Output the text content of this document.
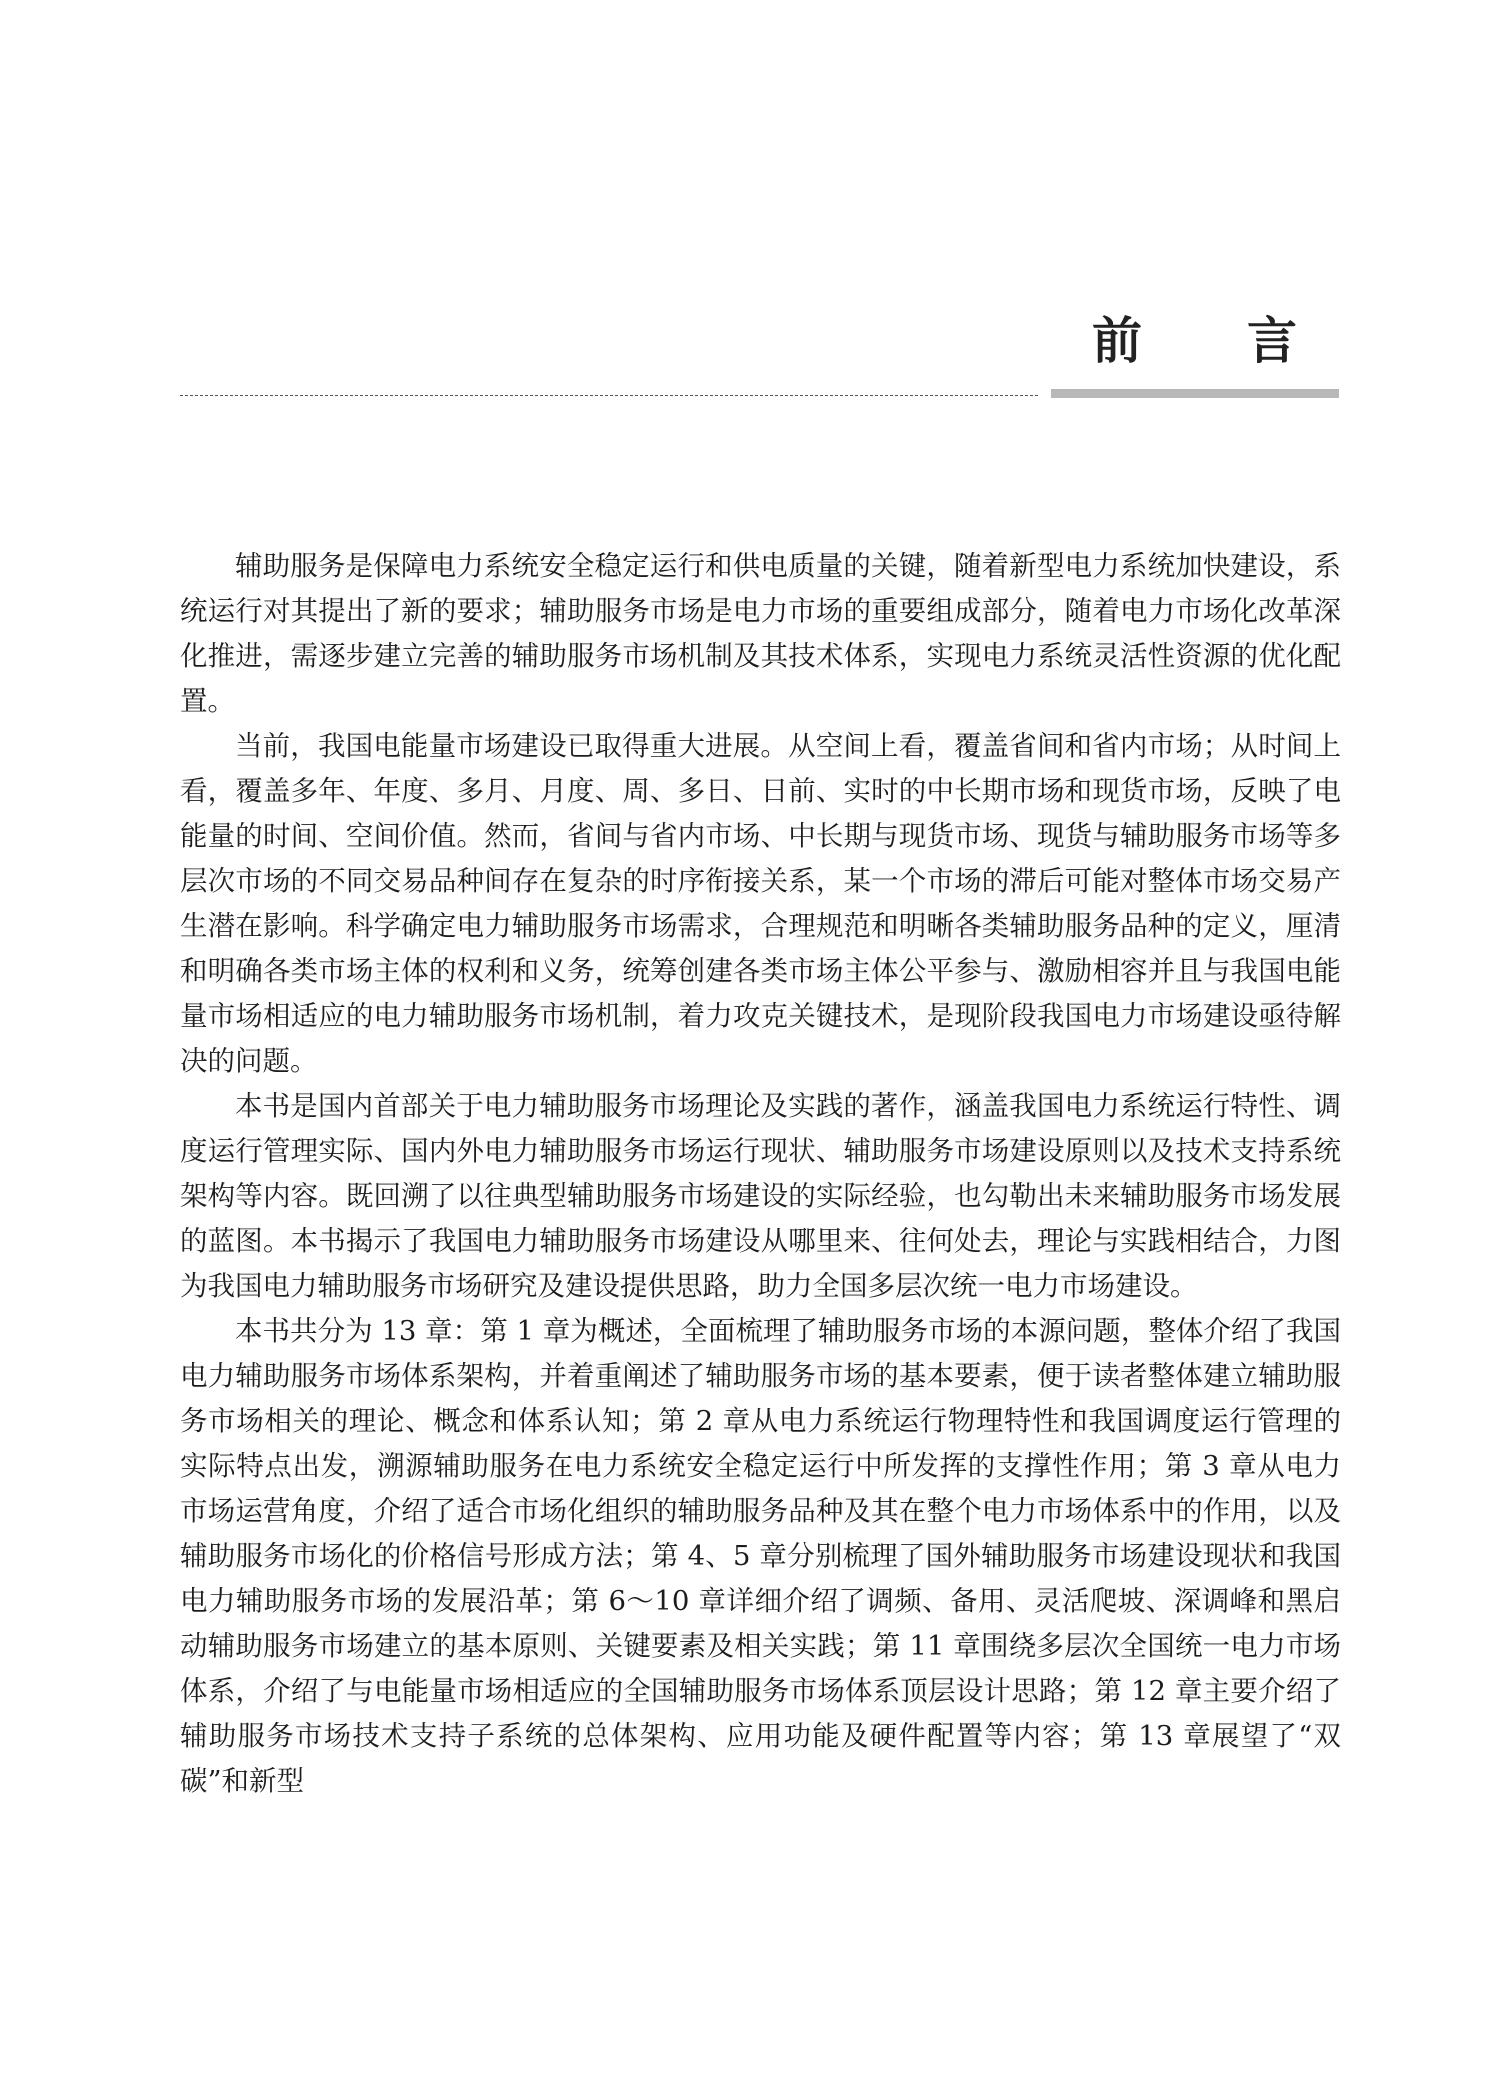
前言

辅助服务是保障电力系统安全稳定运行和供电质量的关键，随着新型电力系统加快建设，系统运行对其提出了新的要求；辅助服务市场是电力市场的重要组成部分，随着电力市场化改革深化推进，需逐步建立完善的辅助服务市场机制及其技术体系，实现电力系统灵活性资源的优化配置。

当前，我国电能量市场建设已取得重大进展。从空间上看，覆盖省间和省内市场；从时间上看，覆盖多年、年度、多月、月度、周、多日、日前、实时的中长期市场和现货市场，反映了电能量的时间、空间价值。然而，省间与省内市场、中长期与现货市场、现货与辅助服务市场等多层次市场的不同交易品种间存在复杂的时序衔接关系，某一个市场的滞后可能对整体市场交易产生潜在影响。科学确定电力辅助服务市场需求，合理规范和明晰各类辅助服务品种的定义，厘清和明确各类市场主体的权利和义务，统筹创建各类市场主体公平参与、激励相容并且与我国电能量市场相适应的电力辅助服务市场机制，着力攻克关键技术，是现阶段我国电力市场建设亟待解决的问题。

本书是国内首部关于电力辅助服务市场理论及实践的著作，涵盖我国电力系统运行特性、调度运行管理实际、国内外电力辅助服务市场运行现状、辅助服务市场建设原则以及技术支持系统架构等内容。既回溯了以往典型辅助服务市场建设的实际经验，也勾勒出未来辅助服务市场发展的蓝图。本书揭示了我国电力辅助服务市场建设从哪里来、往何处去，理论与实践相结合，力图为我国电力辅助服务市场研究及建设提供思路，助力全国多层次统一电力市场建设。

本书共分为 13 章：第 1 章为概述，全面梳理了辅助服务市场的本源问题，整体介绍了我国电力辅助服务市场体系架构，并着重阐述了辅助服务市场的基本要素，便于读者整体建立辅助服务市场相关的理论、概念和体系认知；第 2 章从电力系统运行物理特性和我国调度运行管理的实际特点出发，溯源辅助服务在电力系统安全稳定运行中所发挥的支撑性作用；第 3 章从电力市场运营角度，介绍了适合市场化组织的辅助服务品种及其在整个电力市场体系中的作用，以及辅助服务市场化的价格信号形成方法；第 4、5 章分别梳理了国外辅助服务市场建设现状和我国电力辅助服务市场的发展沿革；第 6～10 章详细介绍了调频、备用、灵活爬坡、深调峰和黑启动辅助服务市场建立的基本原则、关键要素及相关实践；第 11 章围绕多层次全国统一电力市场体系，介绍了与电能量市场相适应的全国辅助服务市场体系顶层设计思路；第 12 章主要介绍了辅助服务市场技术支持子系统的总体架构、应用功能及硬件配置等内容；第 13 章展望了“双碳”和新型
